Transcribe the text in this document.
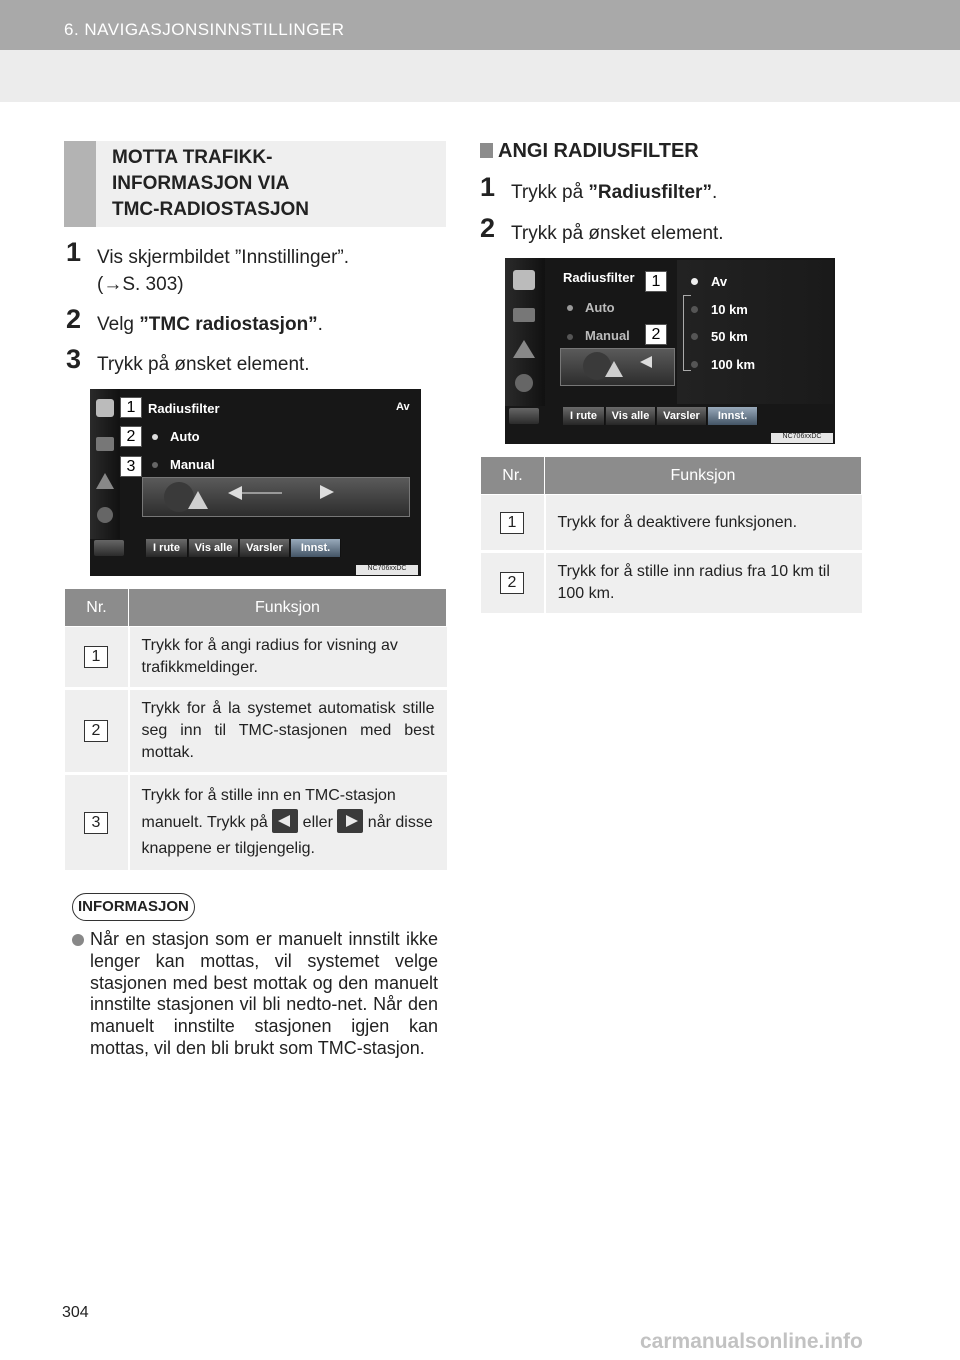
6. NAVIGASJONSINNSTILLINGER
MOTTA TRAFIKK-
INFORMASJON VIA
TMC-RADIOSTASJON
1 Vis skjermbildet ”Innstillinger”.
(→S. 303)
2 Velg ”TMC radiostasjon”.
3 Trykk på ønsket element.
Radiusfilter	Av
Auto
Manual
I rute	Vis alle	Varsler	Innst.
NC706xxDC
1
2
3
Nr.	Funksjon
1	Trykk for å angi radius for visning av trafikkmeldinger.
2	Trykk for å la systemet automatisk stille seg inn til TMC-stasjonen med best mottak.
3	Trykk for å stille inn en TMC-stasjon manuelt. Trykk på  eller  når disse knappene er tilgjengelig.
INFORMASJON
Når en stasjon som er manuelt innstilt ikke lenger kan mottas, vil systemet velge stasjonen med best mottak og den manuelt innstilte stasjonen vil bli nedto-net. Når den manuelt innstilte stasjonen igjen kan mottas, vil den bli brukt som TMC-stasjon.
ANGI RADIUSFILTER
1 Trykk på ”Radiusfilter”.
2 Trykk på ønsket element.
Radiusfilter
Auto
Manual
Av
10 km
50 km
100 km
I rute	Vis alle	Varsler	Innst.
NC706xxDC
1
2
Nr.	Funksjon
1	Trykk for å deaktivere funksjonen.
2	Trykk for å stille inn radius fra 10 km til 100 km.
304
carmanualsonline.info
